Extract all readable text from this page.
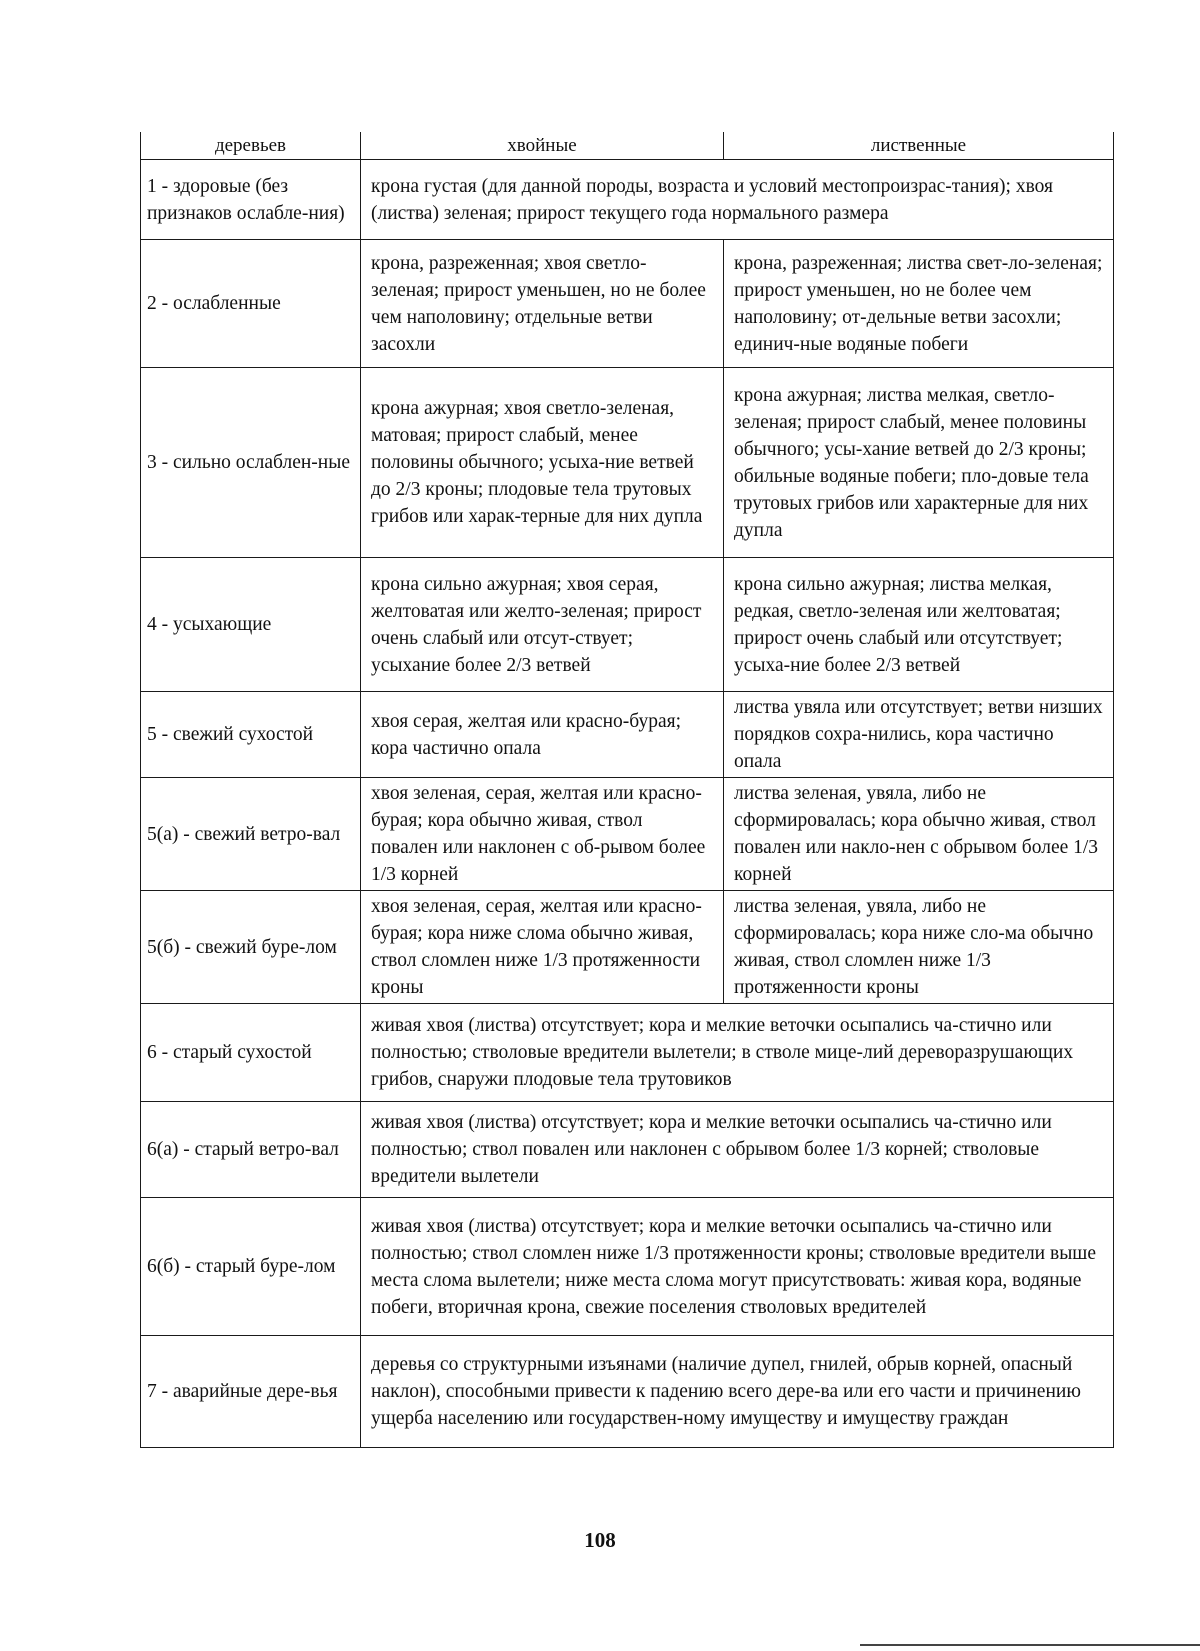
деревьев	хвойные	лиственные
1 - здоровые (без признаков ослабле-ния)	крона густая (для данной породы, возраста и условий местопроизрас-тания); хвоя (листва) зеленая; прирост текущего года нормального размера	
2 - ослабленные	крона, разреженная; хвоя светло-зеленая; прирост уменьшен, но не более чем наполовину; отдельные ветви засохли	крона, разреженная; листва свет-ло-зеленая; прирост уменьшен, но не более чем наполовину; от-дельные ветви засохли; единич-ные водяные побеги
3 - сильно ослаблен-ные	крона ажурная; хвоя светло-зеленая, матовая; прирост слабый, менее половины обычного; усыха-ние ветвей до 2/3 кроны; плодовые тела трутовых грибов или харак-терные для них дупла	крона ажурная; листва мелкая, светло-зеленая; прирост слабый, менее половины обычного; усы-хание ветвей до 2/3 кроны; обильные водяные побеги; пло-довые тела трутовых грибов или характерные для них дупла
4 - усыхающие	крона сильно ажурная; хвоя серая, желтоватая или желто-зеленая; прирост очень слабый или отсут-ствует; усыхание более 2/3 ветвей	крона сильно ажурная; листва мелкая, редкая, светло-зеленая или желтоватая; прирост очень слабый или отсутствует; усыха-ние более 2/3 ветвей
5 - свежий сухостой	хвоя серая, желтая или красно-бурая; кора частично опала	листва увяла или отсутствует; ветви низших порядков сохра-нились, кора частично опала
5(а) - свежий ветро-вал	хвоя зеленая, серая, желтая или красно-бурая; кора обычно живая, ствол повален или наклонен с об-рывом более 1/3 корней	листва зеленая, увяла, либо не сформировалась; кора обычно живая, ствол повален или накло-нен с обрывом более 1/3 корней
5(б) - свежий буре-лом	хвоя зеленая, серая, желтая или красно-бурая; кора ниже слома обычно живая, ствол сломлен ниже 1/3 протяженности кроны	листва зеленая, увяла, либо не сформировалась; кора ниже сло-ма обычно живая, ствол сломлен ниже 1/3 протяженности кроны
6 - старый сухостой	живая хвоя (листва) отсутствует; кора и мелкие веточки осыпались ча-стично или полностью; стволовые вредители вылетели; в стволе мице-лий дереворазрушающих грибов, снаружи плодовые тела трутовиков	
6(а) - старый ветро-вал	живая хвоя (листва) отсутствует; кора и мелкие веточки осыпались ча-стично или полностью; ствол повален или наклонен с обрывом более 1/3 корней; стволовые вредители вылетели	
6(б) - старый буре-лом	живая хвоя (листва) отсутствует; кора и мелкие веточки осыпались ча-стично или полностью; ствол сломлен ниже 1/3 протяженности кроны; стволовые вредители выше места слома вылетели; ниже места слома могут присутствовать: живая кора, водяные побеги, вторичная крона, свежие поселения стволовых вредителей	
7 - аварийные дере-вья	деревья со структурными изъянами (наличие дупел, гнилей, обрыв корней, опасный наклон), способными привести к падению всего дере-ва или его части и причинению ущерба населению или государствен-ному имуществу и имуществу граждан	
108
